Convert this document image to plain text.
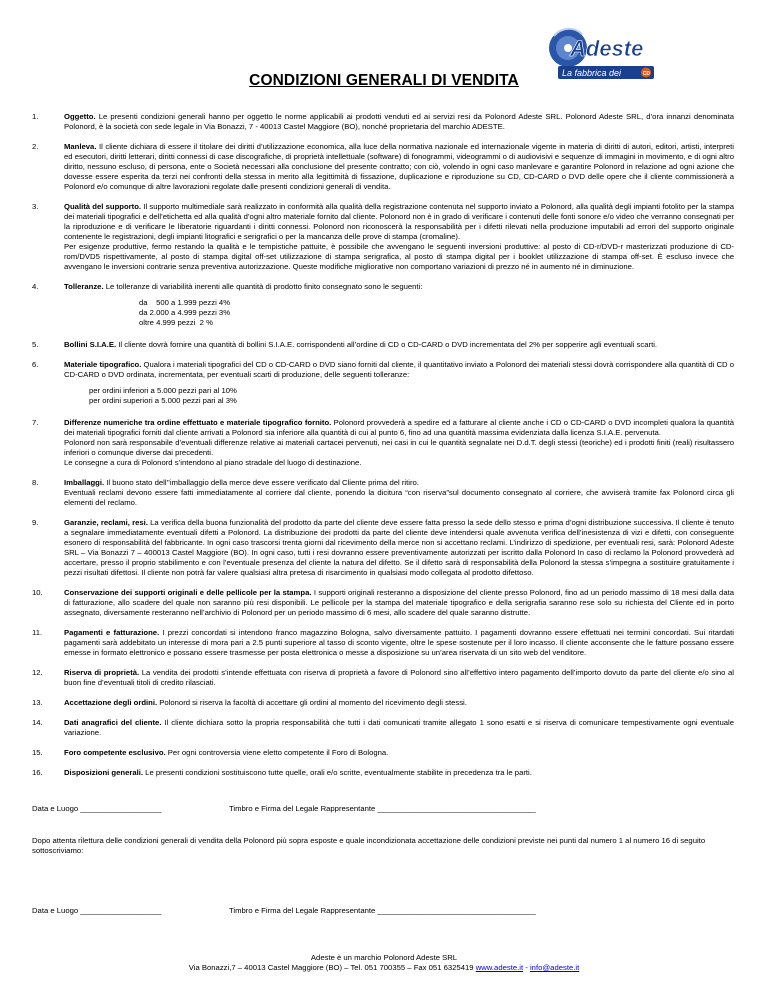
Adeste
La fabbrica dei	CD
CONDIZIONI GENERALI DI VENDITA
1.	Oggetto. Le presenti condizioni generali hanno per oggetto le norme applicabili ai prodotti venduti ed ai servizi resi da Polonord Adeste SRL. Polonord Adeste SRL, d’ora innanzi denominata Polonord, è la società con sede legale in Via Bonazzi, 7 - 40013 Castel Maggiore (BO), nonché proprietaria del marchio ADESTE.
2.	Manleva. Il cliente dichiara di essere il titolare dei diritti d’utilizzazione economica, alla luce della normativa nazionale ed internazionale vigente in materia di diritti di autori, editori, artisti, interpreti ed esecutori, diritti letterari, diritti connessi di case discografiche, di proprietà intellettuale (software) di fonogrammi, videogrammi o di audiovisivi e sequenze di immagini in movimento, e di ogni altro diritto, nessuno escluso, di persona, ente o Società necessari alla conclusione del presente contratto; con ciò, volendo in ogni caso manlevare e garantire Polonord in relazione ad ogni azione che dovesse essere esperita da terzi nei confronti della stessa in merito alla legittimità di fissazione, duplicazione e riproduzione su CD, CD-CARD o DVD delle opere che il cliente commissionerà a Polonord e/o comunque di altre lavorazioni regolate dalle presenti condizioni generali di vendita.
3.	Qualità del supporto. Il supporto multimediale sarà realizzato in conformità alla qualità della registrazione contenuta nel supporto inviato a Polonord, alla qualità degli impianti fotolito per la stampa dei materiali tipografici e dell’etichetta ed alla qualità d’ogni altro materiale fornito dal cliente. Polonord non è in grado di verificare i contenuti delle fonti sonore e/o video che verranno consegnati per la riproduzione e di verificare le liberatorie riguardanti i diritti connessi. Polonord non riconoscerà la responsabilità per i difetti rilevati nella produzione imputabili ad errori del supporto originale contenente le registrazioni, degli impianti litografici e serigrafici o per la mancanza delle prove di stampa (cromaline).
Per esigenze produttive, fermo restando la qualità e le tempistiche pattuite, è possibile che avvengano le seguenti inversioni produttive: al posto di CD-r/DVD-r masterizzati produzione di CD-rom/DVD5 rispettivamente, al posto di stampa digital off-set utilizzazione di stampa serigrafica, al posto di stampa digital per i booklet utilizzazione di stampa off-set. È escluso invece che avvengano le inversioni contrarie senza preventiva autorizzazione. Queste modifiche migliorative non comportano variazioni di prezzo né in aumento né in diminuzione.
4.	Tolleranze. Le tolleranze di variabilità inerenti alle quantità di prodotto finito consegnato sono le seguenti:
da    500 a 1.999 pezzi 4%
da 2.000 a 4.999 pezzi 3%
oltre 4.999 pezzi  2 %
5.	Bollini S.I.A.E. Il cliente dovrà fornire una quantità di bollini S.I.A.E. corrispondenti all’ordine di CD o CD-CARD o DVD incrementata del 2% per sopperire agli eventuali scarti.
6.	Materiale tipografico. Qualora i materiali tipografici del CD o CD-CARD o DVD siano forniti dal cliente, il quantitativo inviato a Polonord dei materiali stessi dovrà corrispondere alla quantità di CD o CD-CARD o DVD ordinata, incrementata, per eventuali scarti di produzione, delle seguenti tolleranze:
per ordini inferiori a 5.000 pezzi pari al 10%
per ordini superiori a 5.000 pezzi pari al 3%
7.	Differenze numeriche tra ordine effettuato e materiale tipografico fornito. Polonord provvederà a spedire ed a fatturare al cliente anche i CD o CD-CARD o DVD incompleti qualora la quantità dei materiali tipografici forniti dal cliente arrivati a Polonord sia inferiore alla quantità di cui al punto 6, fino ad una quantità massima evidenziata dalla licenza S.I.A.E. pervenuta.
Polonord non sarà responsabile d’eventuali differenze relative ai materiali cartacei pervenuti, nei casi in cui le quantità segnalate nei D.d.T. degli stessi (teoriche) ed i prodotti finiti (reali) risultassero inferiori o comunque diverse dai precedenti.
Le consegne a cura di Polonord s’intendono al piano stradale del luogo di destinazione.
8.	Imballaggi. Il buono stato dell’’imballaggio della merce deve essere verificato dal Cliente prima del ritiro.
Eventuali reclami devono essere fatti immediatamente al corriere dal cliente, ponendo la dicitura “con riserva”sul documento consegnato al corriere, che avviserà tramite fax Polonord circa gli elementi del reclamo.
9.	Garanzie, reclami, resi. La verifica della buona funzionalità del prodotto da parte del cliente deve essere fatta presso la sede dello stesso e prima d’ogni distribuzione successiva. Il cliente è tenuto a segnalare immediatamente eventuali difetti a Polonord. La distribuzione dei prodotti da parte del cliente deve intendersi quale avvenuta verifica dell’inesistenza di vizi e difetti, con conseguente esonero di responsabilità del fabbricante. In ogni caso trascorsi trenta giorni dal ricevimento della merce non si accettano reclami. L’indirizzo di spedizione, per eventuali resi, sarà: Polonord Adeste SRL – Via Bonazzi 7 – 400013 Castel Maggiore (BO). In ogni caso, tutti i resi dovranno essere preventivamente autorizzati per iscritto dalla Polonord In caso di reclamo la Polonord provvederà ad accertare, presso il proprio stabilimento e con l’eventuale presenza del cliente la natura del difetto. Se il difetto sarà di responsabilità della Polonord la stessa s’impegna a sostituire gratuitamente i pezzi risultati difettosi. Il cliente non potrà far valere qualsiasi altra pretesa di risarcimento in qualsiasi modo collegata al prodotto difettoso.
10.	Conservazione dei supporti originali e delle pellicole per la stampa. I supporti originali resteranno a disposizione del cliente presso Polonord, fino ad un periodo massimo di 18 mesi dalla data di fatturazione, allo scadere del quale non saranno più resi disponibili. Le pellicole per la stampa del materiale tipografico e della serigrafia saranno rese solo su richiesta del Cliente ed in porto assegnato, diversamente resteranno nell’archivio di Polonord per un periodo massimo di 6 mesi, allo scadere del quale saranno distrutte.
11.	Pagamenti e fatturazione. I prezzi concordati si intendono franco magazzino Bologna, salvo diversamente pattuito. I pagamenti dovranno essere effettuati nei termini concordati. Sui ritardati pagamenti sarà addebitato un interesse di mora pari a 2.5 punti superiore al tasso di sconto vigente, oltre le spese sostenute per il loro incasso. Il cliente acconsente che le fatture possano essere emesse in formato elettronico e possano essere trasmesse per posta elettronica o messe a disposizione su un’area riservata di un sito web del venditore.
12.	Riserva di proprietà. La vendita dei prodotti s’intende effettuata con riserva di proprietà a favore di Polonord sino all’effettivo intero pagamento dell’importo dovuto da parte del cliente e/o sino al buon fine d’eventuali titoli di credito rilasciati.
13.	Accettazione degli ordini. Polonord si riserva la facoltà di accettare gli ordini al momento del ricevimento degli stessi.
14.	Dati anagrafici del cliente. Il cliente dichiara sotto la propria responsabilità che tutti i dati comunicati tramite allegato 1 sono esatti e si riserva di comunicare tempestivamente ogni eventuale variazione.
15.	Foro competente esclusivo. Per ogni controversia viene eletto competente il Foro di Bologna.
16.	Disposizioni generali. Le presenti condizioni sostituiscono tutte quelle, orali e/o scritte, eventualmente stabilite in precedenza tra le parti.
Data e Luogo ___________________	Timbro e Firma del Legale Rappresentante _____________________________________
Dopo attenta rilettura delle condizioni generali di vendita della Polonord più sopra esposte e quale incondizionata accettazione delle condizioni previste nei punti dal numero 1 al numero 16 di seguito sottoscriviamo:
Data e Luogo ___________________	Timbro e Firma del Legale Rappresentante _____________________________________
Adeste è un marchio Polonord Adeste SRL
Via Bonazzi,7 – 40013 Castel Maggiore (BO) – Tel. 051 700355 – Fax 051 6325419 www.adeste.it - info@adeste.it
